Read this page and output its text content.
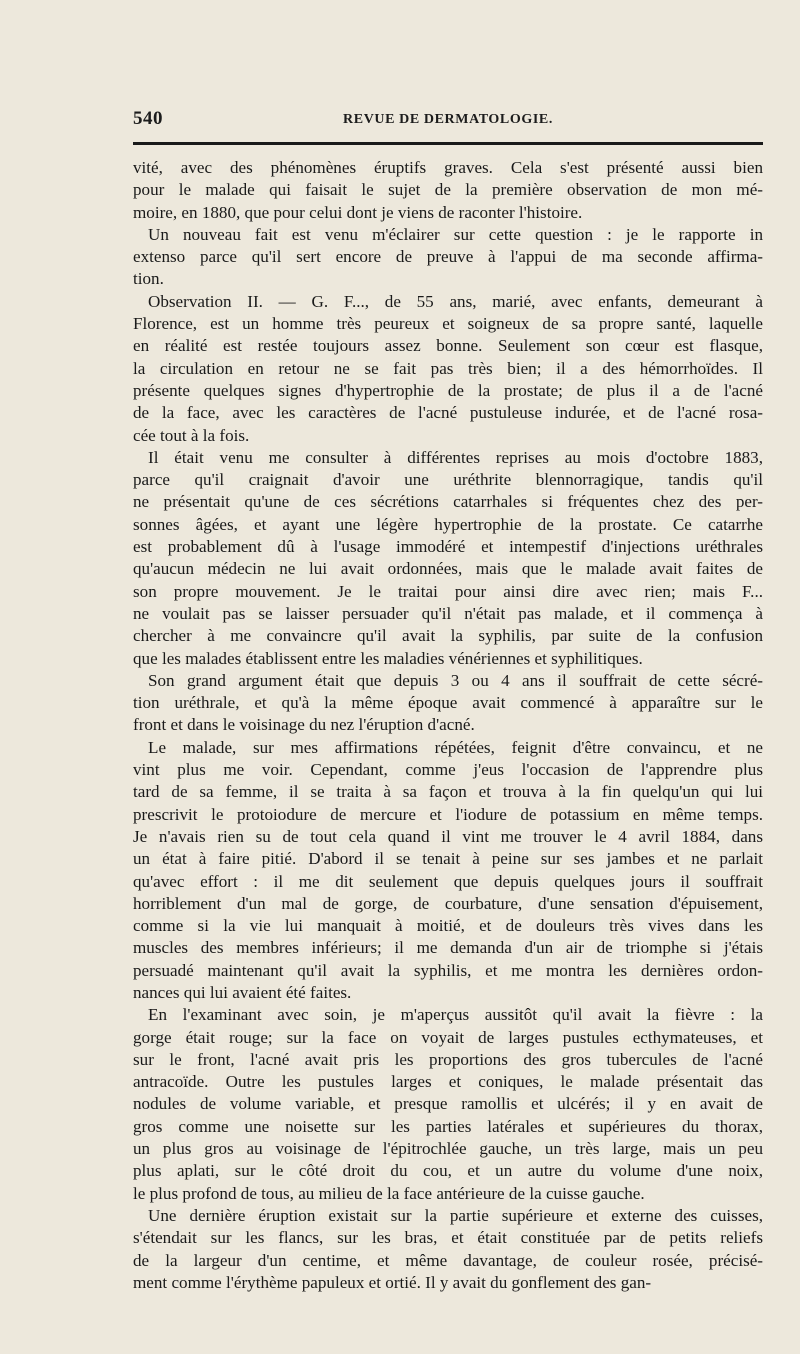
540	REVUE DE DERMATOLOGIE.
vité, avec des phénomènes éruptifs graves. Cela s'est présenté aussi bien
pour le malade qui faisait le sujet de la première observation de mon mé-
moire, en 1880, que pour celui dont je viens de raconter l'histoire.
Un nouveau fait est venu m'éclairer sur cette question : je le rapporte in
extenso parce qu'il sert encore de preuve à l'appui de ma seconde affirma-
tion.
Observation II. — G. F..., de 55 ans, marié, avec enfants, demeurant à
Florence, est un homme très peureux et soigneux de sa propre santé, laquelle
en réalité est restée toujours assez bonne. Seulement son cœur est flasque,
la circulation en retour ne se fait pas très bien; il a des hémorrhoïdes. Il
présente quelques signes d'hypertrophie de la prostate; de plus il a de l'acné
de la face, avec les caractères de l'acné pustuleuse indurée, et de l'acné rosa-
cée tout à la fois.
Il était venu me consulter à différentes reprises au mois d'octobre 1883,
parce qu'il craignait d'avoir une uréthrite blennorragique, tandis qu'il
ne présentait qu'une de ces sécrétions catarrhales si fréquentes chez des per-
sonnes âgées, et ayant une légère hypertrophie de la prostate. Ce catarrhe
est probablement dû à l'usage immodéré et intempestif d'injections uréthrales
qu'aucun médecin ne lui avait ordonnées, mais que le malade avait faites de
son propre mouvement. Je le traitai pour ainsi dire avec rien; mais F...
ne voulait pas se laisser persuader qu'il n'était pas malade, et il commença à
chercher à me convaincre qu'il avait la syphilis, par suite de la confusion
que les malades établissent entre les maladies vénériennes et syphilitiques.
Son grand argument était que depuis 3 ou 4 ans il souffrait de cette sécré-
tion uréthrale, et qu'à la même époque avait commencé à apparaître sur le
front et dans le voisinage du nez l'éruption d'acné.
Le malade, sur mes affirmations répétées, feignit d'être convaincu, et ne
vint plus me voir. Cependant, comme j'eus l'occasion de l'apprendre plus
tard de sa femme, il se traita à sa façon et trouva à la fin quelqu'un qui lui
prescrivit le protoiodure de mercure et l'iodure de potassium en même temps.
Je n'avais rien su de tout cela quand il vint me trouver le 4 avril 1884, dans
un état à faire pitié. D'abord il se tenait à peine sur ses jambes et ne parlait
qu'avec effort : il me dit seulement que depuis quelques jours il souffrait
horriblement d'un mal de gorge, de courbature, d'une sensation d'épuisement,
comme si la vie lui manquait à moitié, et de douleurs très vives dans les
muscles des membres inférieurs; il me demanda d'un air de triomphe si j'étais
persuadé maintenant qu'il avait la syphilis, et me montra les dernières ordon-
nances qui lui avaient été faites.
En l'examinant avec soin, je m'aperçus aussitôt qu'il avait la fièvre : la
gorge était rouge; sur la face on voyait de larges pustules ecthymateuses, et
sur le front, l'acné avait pris les proportions des gros tubercules de l'acné
antracoïde. Outre les pustules larges et coniques, le malade présentait das
nodules de volume variable, et presque ramollis et ulcérés; il y en avait de
gros comme une noisette sur les parties latérales et supérieures du thorax,
un plus gros au voisinage de l'épitrochlée gauche, un très large, mais un peu
plus aplati, sur le côté droit du cou, et un autre du volume d'une noix,
le plus profond de tous, au milieu de la face antérieure de la cuisse gauche.
Une dernière éruption existait sur la partie supérieure et externe des cuisses,
s'étendait sur les flancs, sur les bras, et était constituée par de petits reliefs
de la largeur d'un centime, et même davantage, de couleur rosée, précisé-
ment comme l'érythème papuleux et ortié. Il y avait du gonflement des gan-
